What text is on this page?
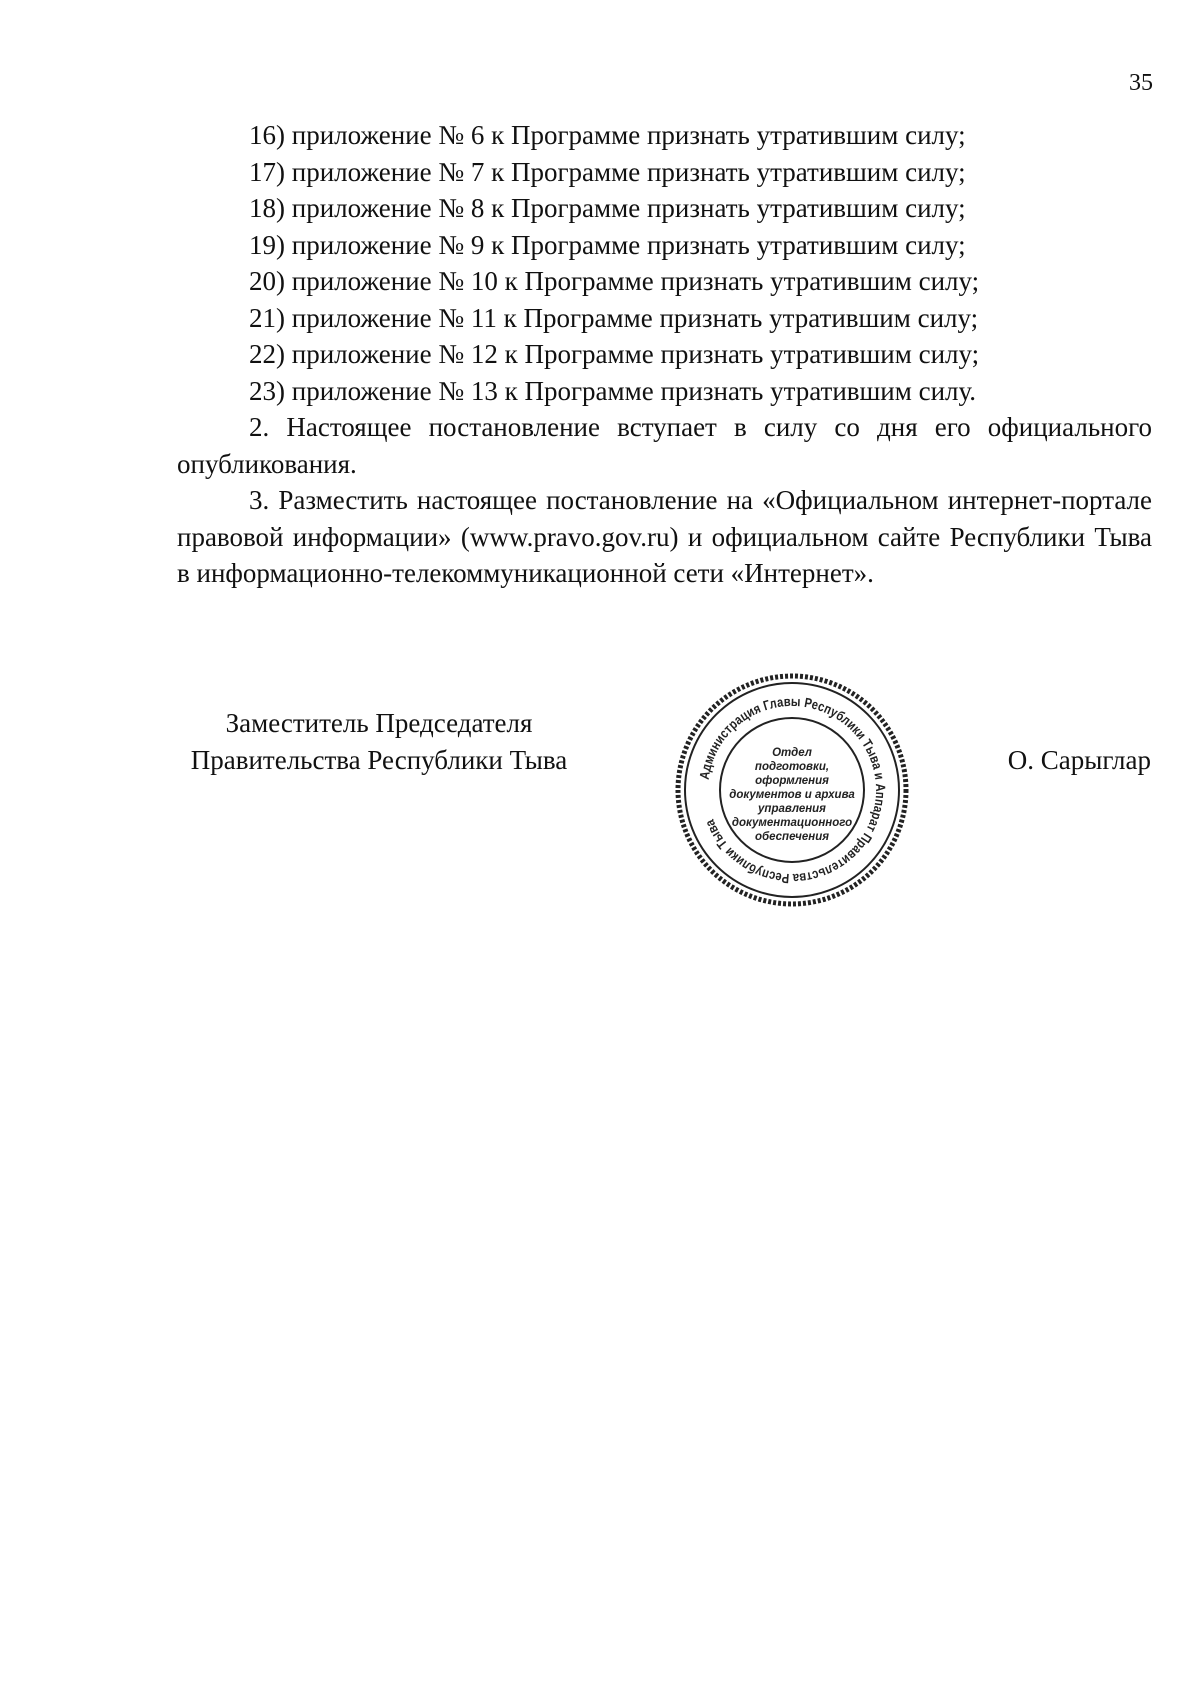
35

16) приложение № 6 к Программе признать утратившим силу;

17) приложение № 7 к Программе признать утратившим силу;

18) приложение № 8 к Программе признать утратившим силу;

19) приложение № 9 к Программе признать утратившим силу;

20) приложение № 10 к Программе признать утратившим силу;

21) приложение № 11 к Программе признать утратившим силу;

22) приложение № 12 к Программе признать утратившим силу;

23) приложение № 13 к Программе признать утратившим силу.

2. Настоящее постановление вступает в силу со дня его официального опубликования.

3. Разместить настоящее постановление на «Официальном интернет-портале правовой информации» (www.pravo.gov.ru) и официальном сайте Республики Тыва в информационно-телекоммуникационной сети «Интернет».

Заместитель Председателя
Правительства Республики Тыва	Администрация Главы Республики Тыва и Аппарат Правительства Республики Тыва
Отдел
подготовки,
оформления
документов и архива
управления
документационного
обеспечения
О. Сарыглар
